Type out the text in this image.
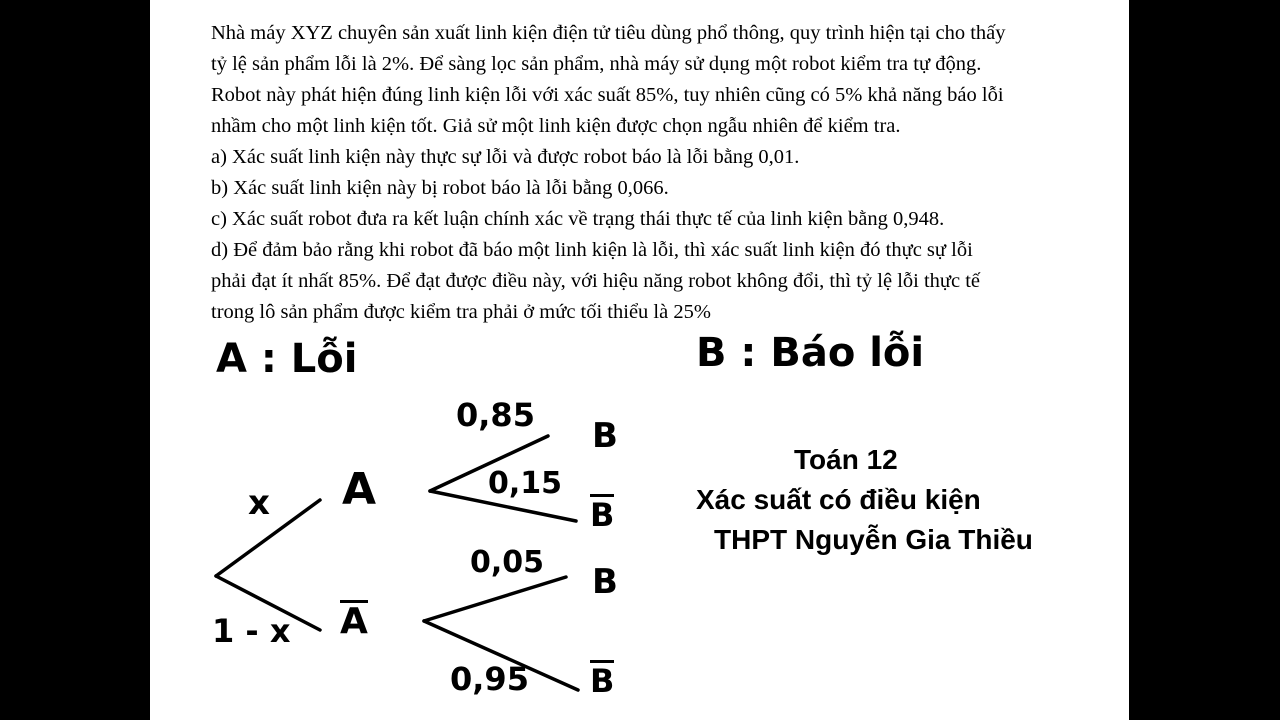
Nhà máy XYZ chuyên sản xuất linh kiện điện tử tiêu dùng phổ thông, quy trình hiện tại cho thấy

tỷ lệ sản phẩm lỗi là 2%. Để sàng lọc sản phẩm, nhà máy sử dụng một robot kiểm tra tự động.

Robot này phát hiện đúng linh kiện lỗi với xác suất 85%, tuy nhiên cũng có 5% khả năng báo lỗi

nhầm cho một linh kiện tốt. Giả sử một linh kiện được chọn ngẫu nhiên để kiểm tra.

a) Xác suất linh kiện này thực sự lỗi và được robot báo là lỗi bằng 0,01.

b) Xác suất linh kiện này bị robot báo là lỗi bằng 0,066.

c) Xác suất robot đưa ra kết luận chính xác về trạng thái thực tế của linh kiện bằng 0,948.

d) Để đảm bảo rằng khi robot đã báo một linh kiện là lỗi, thì xác suất linh kiện đó thực sự lỗi

phải đạt ít nhất 85%. Để đạt được điều này, với hiệu năng robot không đổi, thì tỷ lệ lỗi thực tế

trong lô sản phẩm được kiểm tra phải ở mức tối thiểu là 25%

A : Lỗi	B : Báo lỗi
x
1 - x
0,85
0,15
0,05
0,95
A
A
B
B
B
B
Toán 12
Xác suất có điều kiện
THPT Nguyễn Gia Thiều
